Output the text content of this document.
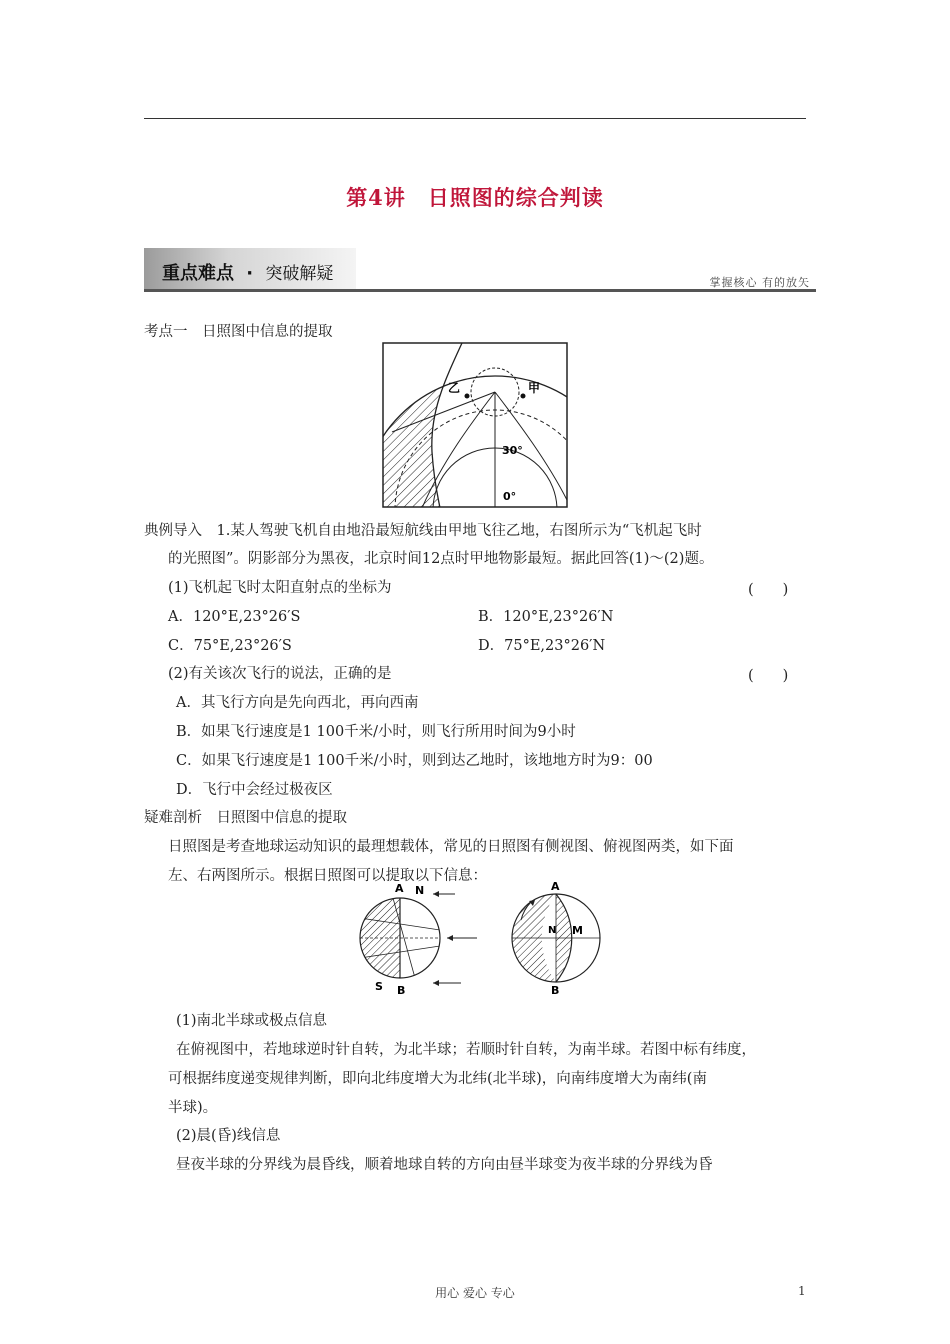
第4讲　日照图的综合判读
重点难点 · 突破解疑	掌握核心 有的放矢
考点一　日照图中信息的提取
乙	甲
30°
0°
典例导入　1.某人驾驶飞机自由地沿最短航线由甲地飞往乙地，右图所示为“飞机起飞时
的光照图”。阴影部分为黑夜，北京时间12点时甲地物影最短。据此回答(1)～(2)题。
(1)飞机起飞时太阳直射点的坐标为	(　　)
A．120°E,23°26′S	B．120°E,23°26′N
C．75°E,23°26′S	D．75°E,23°26′N
(2)有关该次飞行的说法，正确的是	(　　)
A．其飞行方向是先向西北，再向西南
B．如果飞行速度是1 100千米/小时，则飞行所用时间为9小时
C．如果飞行速度是1 100千米/小时，则到达乙地时，该地地方时为9：00
D．飞行中会经过极夜区
疑难剖析　日照图中信息的提取
日照图是考查地球运动知识的最理想载体，常见的日照图有侧视图、俯视图两类，如下面
左、右两图所示。根据日照图可以提取以下信息：
A N
S B
A
N M
B
(1)南北半球或极点信息
在俯视图中，若地球逆时针自转，为北半球；若顺时针自转，为南半球。若图中标有纬度，
可根据纬度递变规律判断，即向北纬度增大为北纬(北半球)，向南纬度增大为南纬(南
半球)。
(2)晨(昏)线信息
昼夜半球的分界线为晨昏线，顺着地球自转的方向由昼半球变为夜半球的分界线为昏
用心 爱心 专心	1
